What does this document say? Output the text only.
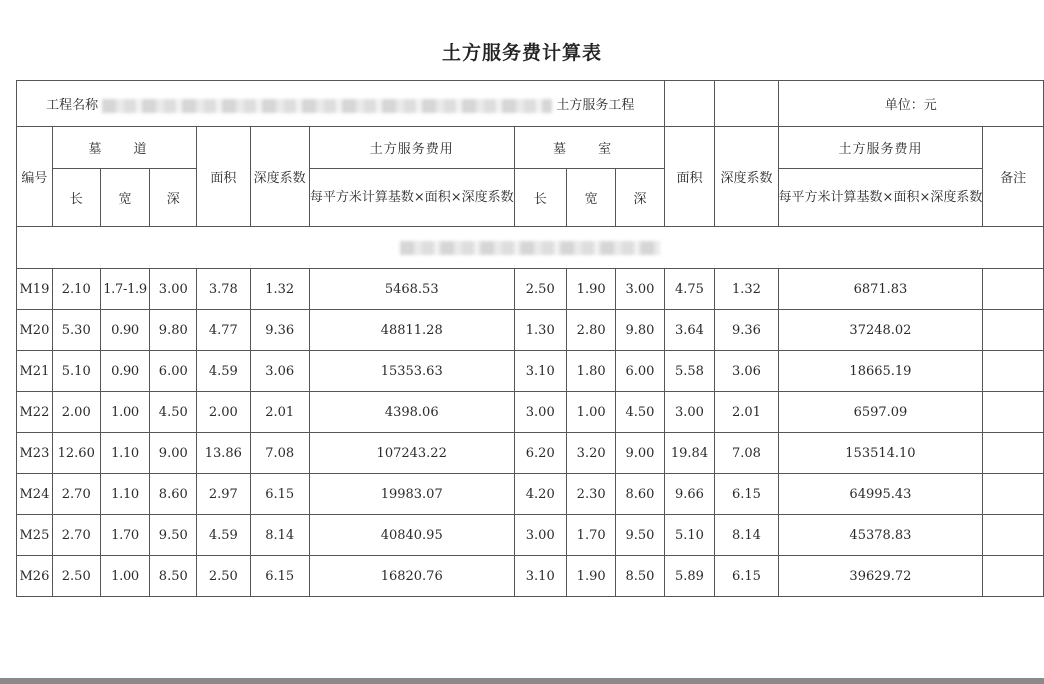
土方服务费计算表
工程名称 土方服务工程												单位：元	
编号	墓 道			面积	深度系数	土方服务费用	墓 室			面积	深度系数	土方服务费用	备注
	长	宽	深			每平方米计算基数×面积×深度系数	长	宽	深			每平方米计算基数×面积×深度系数	

M19	2.10	1.7-1.9	3.00	3.78	1.32	5468.53	2.50	1.90	3.00	4.75	1.32	6871.83	
M20	5.30	0.90	9.80	4.77	9.36	48811.28	1.30	2.80	9.80	3.64	9.36	37248.02	
M21	5.10	0.90	6.00	4.59	3.06	15353.63	3.10	1.80	6.00	5.58	3.06	18665.19	
M22	2.00	1.00	4.50	2.00	2.01	4398.06	3.00	1.00	4.50	3.00	2.01	6597.09	
M23	12.60	1.10	9.00	13.86	7.08	107243.22	6.20	3.20	9.00	19.84	7.08	153514.10	
M24	2.70	1.10	8.60	2.97	6.15	19983.07	4.20	2.30	8.60	9.66	6.15	64995.43	
M25	2.70	1.70	9.50	4.59	8.14	40840.95	3.00	1.70	9.50	5.10	8.14	45378.83	
M26	2.50	1.00	8.50	2.50	6.15	16820.76	3.10	1.90	8.50	5.89	6.15	39629.72	
